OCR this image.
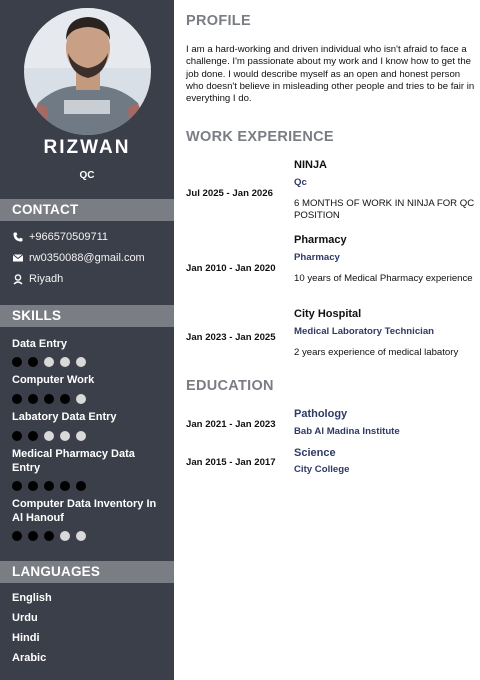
RIZWAN
QC
CONTACT
+966570509711
rw0350088@gmail.com
Riyadh
SKILLS
Data Entry
Computer Work
Labatory Data Entry
Medical Pharmacy Data Entry
Computer Data Inventory In Al Hanouf
LANGUAGES
English
Urdu
Hindi
Arabic
PROFILE
I am a hard-working and driven individual who isn't afraid to face a challenge. I'm passionate about my work and I know how to get the job done. I would describe myself as an open and honest person who doesn't believe in misleading other people and tries to be fair in everything I do.
WORK EXPERIENCE
Jul 2025 - Jan 2026
NINJA
Qc
6 MONTHS OF WORK IN NINJA FOR QC POSITION
Jan 2010 - Jan 2020
Pharmacy
Pharmacy
10 years of Medical Pharmacy experience
Jan 2023 - Jan 2025
City Hospital
Medical Laboratory Technician
2 years experience of medical labatory
EDUCATION
Jan 2021 - Jan 2023
Pathology
Bab Al Madina Institute
Jan 2015 - Jan 2017
Science
City College
